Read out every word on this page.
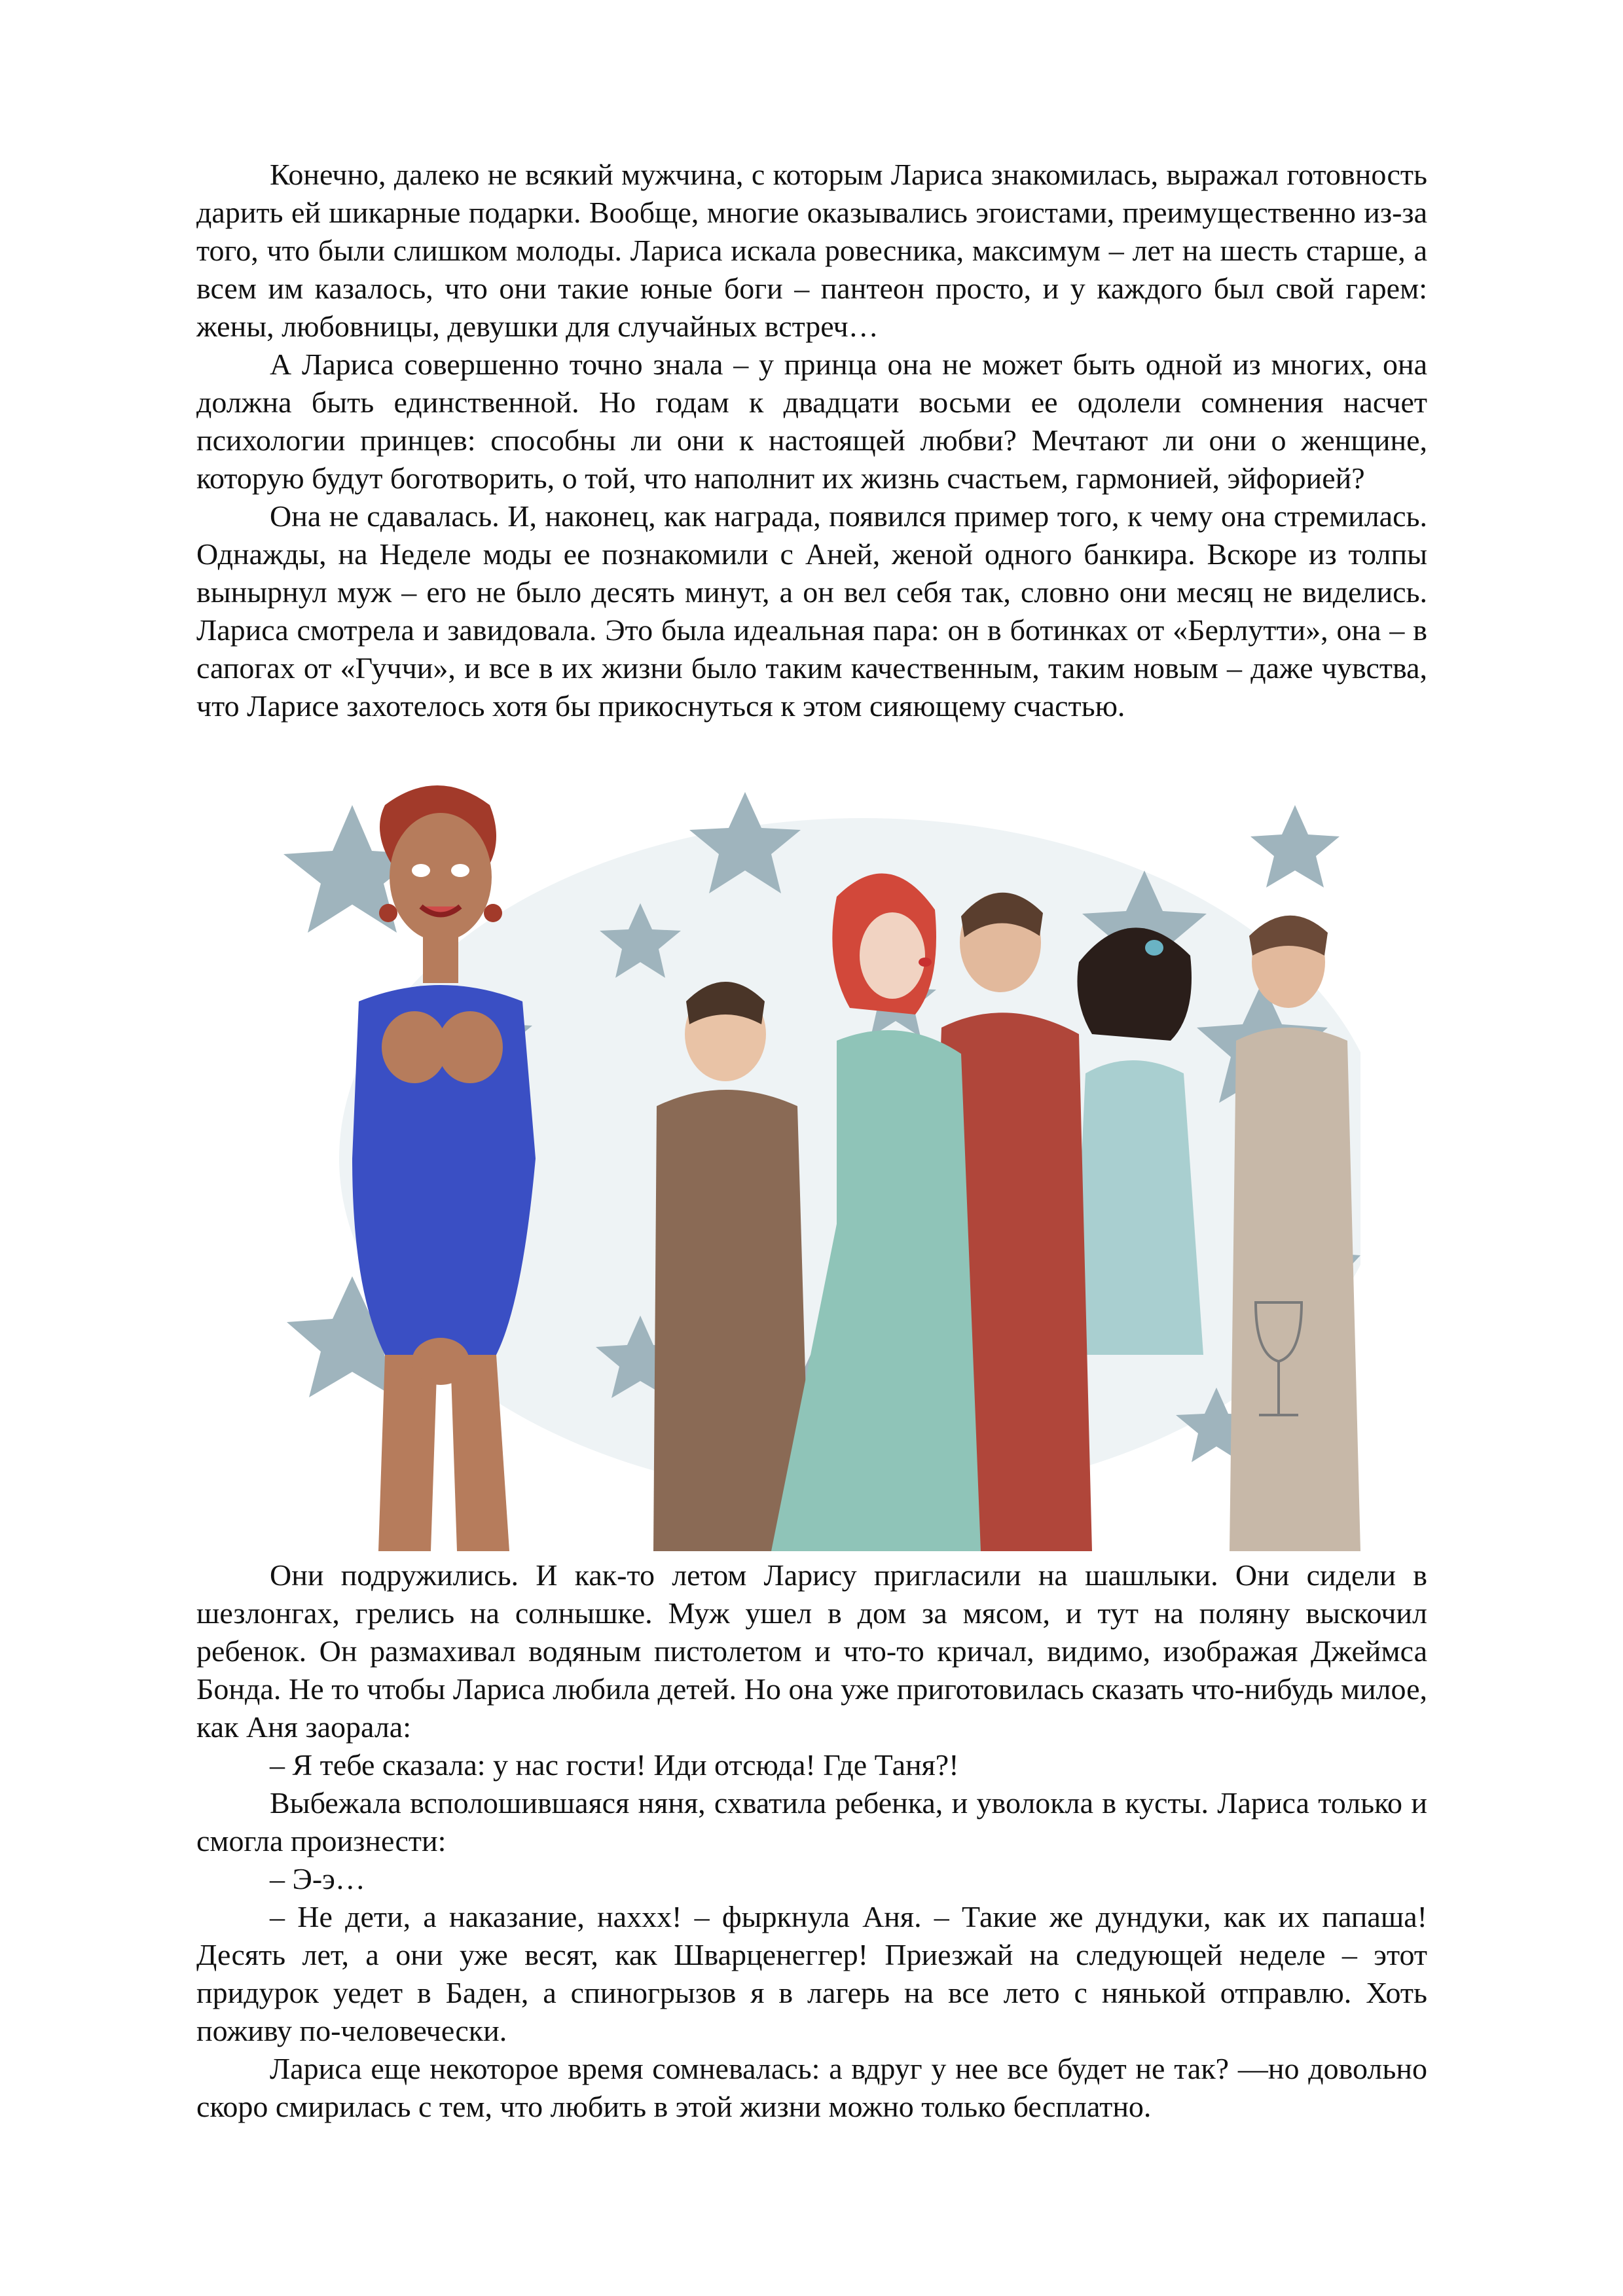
Конечно, далеко не всякий мужчина, с которым Лариса знакомилась, выражал готовность дарить ей шикарные подарки. Вообще, многие оказывались эгоистами, преимущественно из-за того, что были слишком молоды. Лариса искала ровесника, максимум – лет на шесть старше, а всем им казалось, что они такие юные боги – пантеон просто, и у каждого был свой гарем: жены, любовницы, девушки для случайных встреч…

А Лариса совершенно точно знала – у принца она не может быть одной из многих, она должна быть единственной. Но годам к двадцати восьми ее одолели сомнения насчет психологии принцев: способны ли они к настоящей любви? Мечтают ли они о женщине, которую будут боготворить, о той, что наполнит их жизнь счастьем, гармонией, эйфорией?

Она не сдавалась. И, наконец, как награда, появился пример того, к чему она стремилась. Однажды, на Неделе моды ее познакомили с Аней, женой одного банкира. Вскоре из толпы вынырнул муж – его не было десять минут, а он вел себя так, словно они месяц не виделись. Лариса смотрела и завидовала. Это была идеальная пара: он в ботинках от «Берлутти», она – в сапогах от «Гуччи», и все в их жизни было таким качественным, таким новым – даже чувства, что Ларисе захотелось хотя бы прикоснуться к этом сияющему счастью.

Они подружились. И как-то летом Ларису пригласили на шашлыки. Они сидели в шезлонгах, грелись на солнышке. Муж ушел в дом за мясом, и тут на поляну выскочил ребенок. Он размахивал водяным пистолетом и что-то кричал, видимо, изображая Джеймса Бонда. Не то чтобы Лариса любила детей. Но она уже приготовилась сказать что-нибудь милое, как Аня заорала:

– Я тебе сказала: у нас гости! Иди отсюда! Где Таня?!

Выбежала всполошившаяся няня, схватила ребенка, и уволокла в кусты. Лариса только и смогла произнести:

– Э-э…

– Не дети, а наказание, нахxx! – фыркнула Аня. – Такие же дундуки, как их папаша! Десять лет, а они уже весят, как Шварценеггер! Приезжай на следующей неделе – этот придурок уедет в Баден, а спиногрызов я в лагерь на все лето с нянькой отправлю. Хоть поживу по-человечески.

Лариса еще некоторое время сомневалась: а вдруг у нее все будет не так? —но довольно скоро смирилась с тем, что любить в этой жизни можно только бесплатно.
